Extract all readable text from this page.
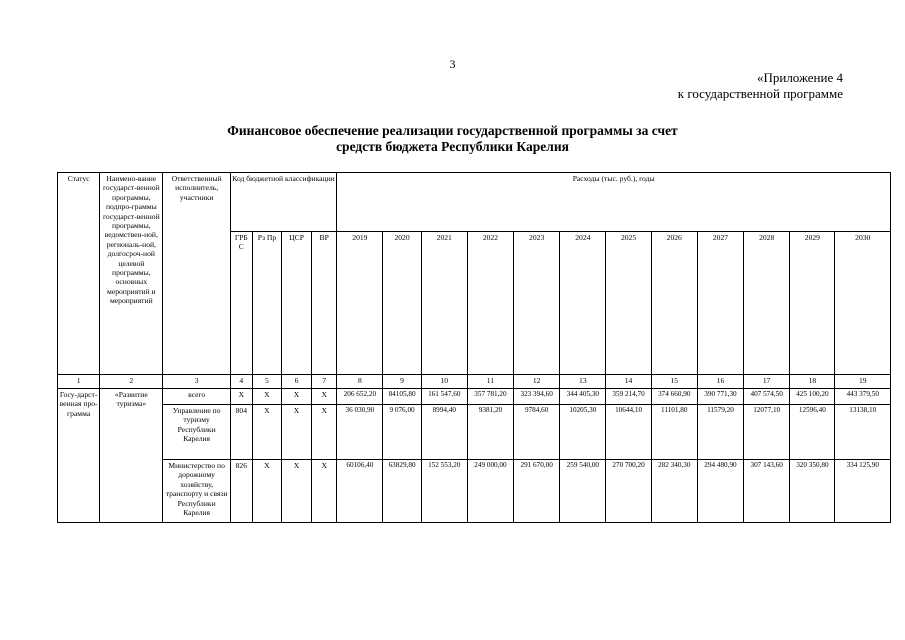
3
«Приложение 4
к государственной программе
Финансовое обеспечение реализации государственной программы за счет
средств бюджета Республики Карелия
Статус	Наимено-вание государст-венной программы, подпро-граммы государст-венной программы, ведомствен-ной, региональ-ной, долгосроч-ной целевой программы, основных мероприятий и мероприятий	Ответственный исполнитель, участники	Код бюджетной классификации				Расходы (тыс. руб.), годы											
			ГРБ С	Рз Пр	ЦСР	ВР	2019	2020	2021	2022	2023	2024	2025	2026	2027	2028	2029	2030
1	2	3	4	5	6	7	8	9	10	11	12	13	14	15	16	17	18	19
Госу-дарст-венная про-грамма	«Развитие туризма»	всего	Х	Х	Х	Х	206 652,20	84105,80	161 547,60	357 781,20	323 394,60	344 405,30	359 214,70	374 660,90	390 771,30	407 574,50	425 100,20	443 379,50
		Управление по туризму Республики Карелия	804	Х	Х	Х	36 030,90	9 076,00	8994,40	9381,20	9784,60	10205,30	10644,10	11101,80	11579,20	12077,10	12596,40	13138,10
		Министерство по дорожному хозяйству, транспорту и связи Республики Карелия	826	Х	Х	Х	60106,40	63829,80	152 553,20	249 000,00	291 670,00	259 540,00	270 700,20	282 340,30	294 480,90	307 143,60	320 350,80	334 125,90
